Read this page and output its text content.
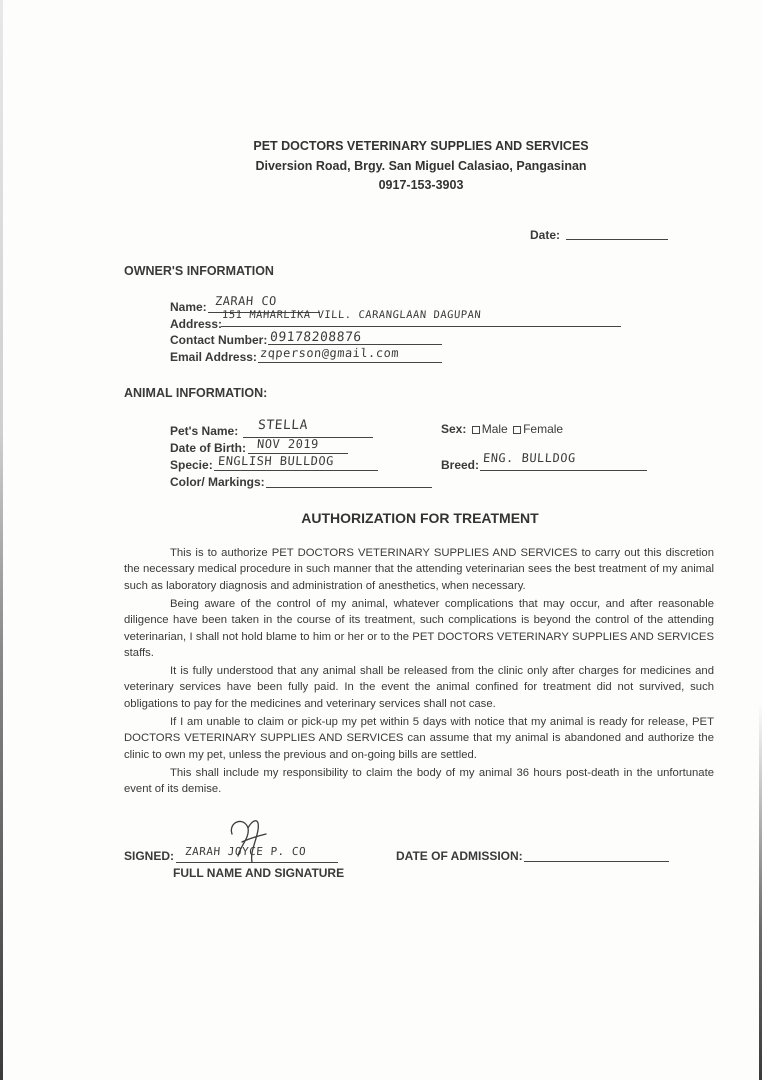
PET DOCTORS VETERINARY SUPPLIES AND SERVICES
Diversion Road, Brgy. San Miguel Calasiao, Pangasinan
0917-153-3903
Date:
OWNER'S INFORMATION
Name: ZARAH CO
Address:
151 MAHARLIKA VILL. CARANGLAAN DAGUPAN
Contact Number: 09178208876
Email Address: zqperson@gmail.com
ANIMAL INFORMATION:
Pet's Name: STELLA
Date of Birth: NOV 2019
Specie: ENGLISH BULLDOG
Color/ Markings:
Sex: Male Female
Breed: ENG. BULLDOG
AUTHORIZATION FOR TREATMENT
This is to authorize PET DOCTORS VETERINARY SUPPLIES AND SERVICES to carry out this discretion the necessary medical procedure in such manner that the attending veterinarian sees the best treatment of my animal such as laboratory diagnosis and administration of anesthetics, when necessary.
Being aware of the control of my animal, whatever complications that may occur, and after reasonable diligence have been taken in the course of its treatment, such complications is beyond the control of the attending veterinarian, I shall not hold blame to him or her or to the PET DOCTORS VETERINARY SUPPLIES AND SERVICES staffs.
It is fully understood that any animal shall be released from the clinic only after charges for medicines and veterinary services have been fully paid. In the event the animal confined for treatment did not survived, such obligations to pay for the medicines and veterinary services shall not case.
If I am unable to claim or pick-up my pet within 5 days with notice that my animal is ready for release, PET DOCTORS VETERINARY SUPPLIES AND SERVICES can assume that my animal is abandoned and authorize the clinic to own my pet, unless the previous and on-going bills are settled.
This shall include my responsibility to claim the body of my animal 36 hours post-death in the unfortunate event of its demise.
SIGNED: ZARAH JOYCE P. CO
FULL NAME AND SIGNATURE
DATE OF ADMISSION:
